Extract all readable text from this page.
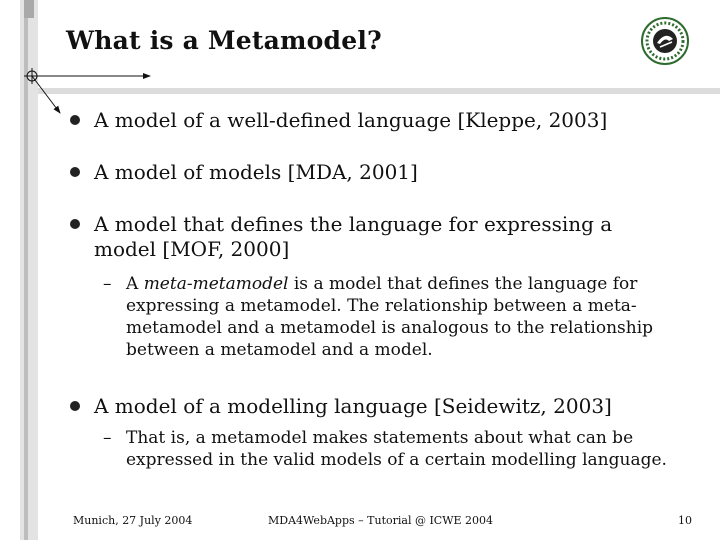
What is a Metamodel?
A model of a well-defined language [Kleppe, 2003]
A model of models [MDA, 2001]
A model that defines the language for expressing a model [MOF, 2000]
– A meta-metamodel is a model that defines the language for expressing a metamodel. The relationship between a meta-metamodel and a metamodel is analogous to the relationship between a metamodel and a model.
A model of a modelling language [Seidewitz, 2003]
– That is, a metamodel makes statements about what can be expressed in the valid models of a certain modelling language.
Munich, 27 July 2004	MDA4WebApps – Tutorial @ ICWE 2004	10
